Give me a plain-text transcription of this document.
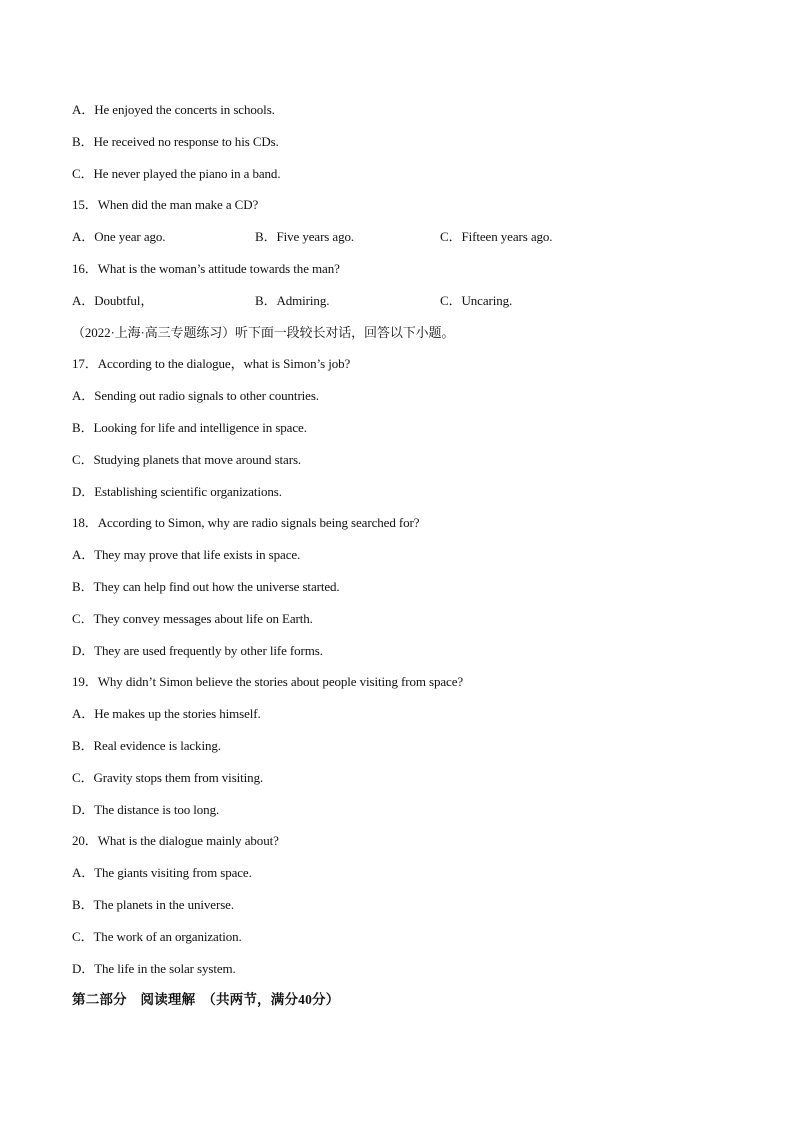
A．He enjoyed the concerts in schools.
B．He received no response to his CDs.
C．He never played the piano in a band.
15．When did the man make a CD?
A．One year ago.	B．Five years ago.	C．Fifteen years ago.
16．What is the woman’s attitude towards the man?
A．Doubtful，	B．Admiring.	C．Uncaring.
（2022·上海·高三专题练习）听下面一段较长对话，回答以下小题。
17．According to the dialogue，what is Simon’s job?
A．Sending out radio signals to other countries.
B．Looking for life and intelligence in space.
C．Studying planets that move around stars.
D．Establishing scientific organizations.
18．According to Simon, why are radio signals being searched for?
A．They may prove that life exists in space.
B．They can help find out how the universe started.
C．They convey messages about life on Earth.
D．They are used frequently by other life forms.
19．Why didn’t Simon believe the stories about people visiting from space?
A．He makes up the stories himself.
B．Real evidence is lacking.
C．Gravity stops them from visiting.
D．The distance is too long.
20．What is the dialogue mainly about?
A．The giants visiting from space.
B．The planets in the universe.
C．The work of an organization.
D．The life in the solar system.
第二部分　阅读理解　（共两节，满分40分）
